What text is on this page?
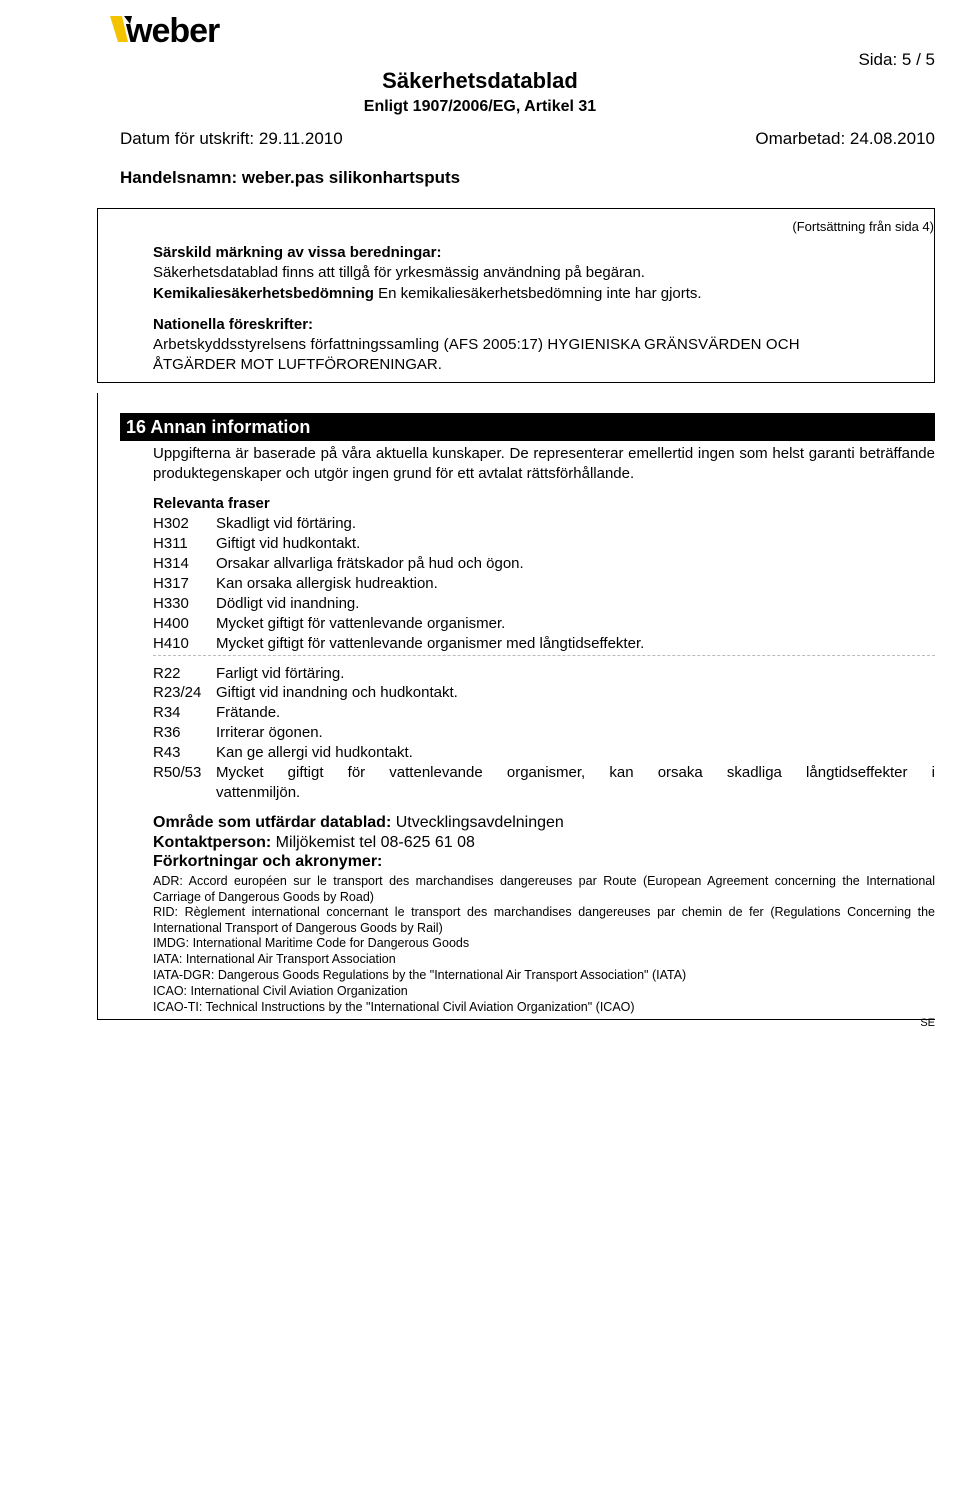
weber
Sida: 5 / 5
Säkerhetsdatablad
Enligt 1907/2006/EG, Artikel 31
Datum för utskrift: 29.11.2010	Omarbetad: 24.08.2010
Handelsnamn: weber.pas silikonhartsputs
(Fortsättning från sida 4)
Särskild märkning av vissa beredningar:
Säkerhetsdatablad finns att tillgå för yrkesmässig användning på begäran.
Kemikaliesäkerhetsbedömning En kemikaliesäkerhetsbedömning inte har gjorts.
Nationella föreskrifter:
Arbetskyddsstyrelsens författningssamling (AFS 2005:17) HYGIENISKA GRÄNSVÄRDEN OCH
ÅTGÄRDER MOT LUFTFÖRORENINGAR.
16 Annan information
Uppgifterna är baserade på våra aktuella kunskaper. De representerar emellertid ingen som helst garanti beträffande produktegenskaper och utgör ingen grund för ett avtalat rättsförhållande.
Relevanta fraser
H302 Skadligt vid förtäring.
H311 Giftigt vid hudkontakt.
H314 Orsakar allvarliga frätskador på hud och ögon.
H317 Kan orsaka allergisk hudreaktion.
H330 Dödligt vid inandning.
H400 Mycket giftigt för vattenlevande organismer.
H410 Mycket giftigt för vattenlevande organismer med långtidseffekter.
R22 Farligt vid förtäring.
R23/24 Giftigt vid inandning och hudkontakt.
R34 Frätande.
R36 Irriterar ögonen.
R43 Kan ge allergi vid hudkontakt.
R50/53 Mycket giftigt för vattenlevande organismer, kan orsaka skadliga långtidseffekter i
vattenmiljön.
Område som utfärdar datablad: Utvecklingsavdelningen
Kontaktperson: Miljökemist tel 08-625 61 08
Förkortningar och akronymer:
ADR: Accord européen sur le transport des marchandises dangereuses par Route (European Agreement concerning the International Carriage of Dangerous Goods by Road)
RID: Règlement international concernant le transport des marchandises dangereuses par chemin de fer (Regulations Concerning the International Transport of Dangerous Goods by Rail)
IMDG: International Maritime Code for Dangerous Goods
IATA: International Air Transport Association
IATA-DGR: Dangerous Goods Regulations by the "International Air Transport Association" (IATA)
ICAO: International Civil Aviation Organization
ICAO-TI: Technical Instructions by the "International Civil Aviation Organization" (ICAO)
SE
